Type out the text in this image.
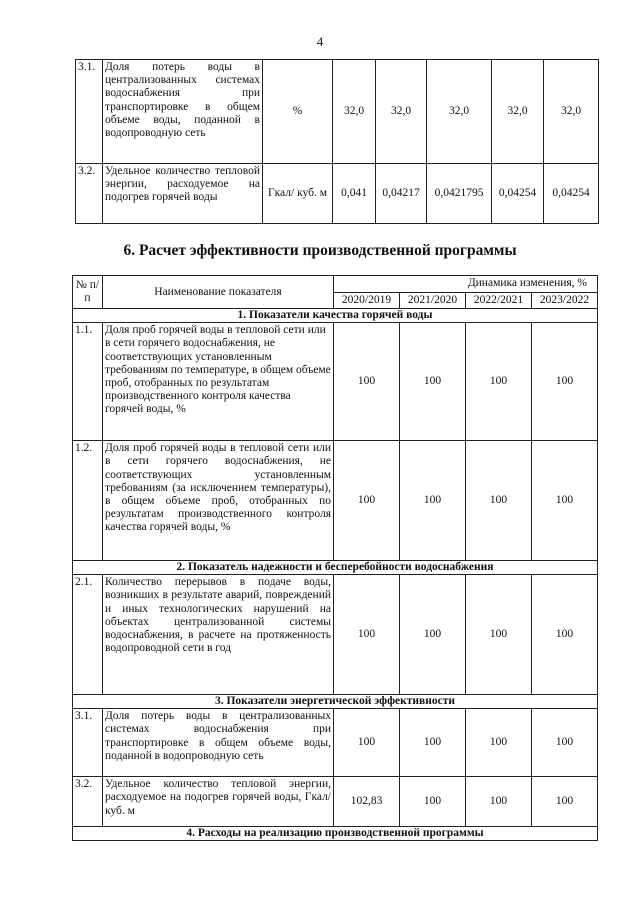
4
3.1.	Доля потерь воды в централизованных системах водоснабжения при транспортировке в общем объеме воды, поданной в водопроводную сеть	%	32,0	32,0	32,0	32,0	32,0
3.2.	Удельное количество тепловой энергии, расходуемое на подогрев горячей воды	Гкал/ куб. м	0,041	0,04217	0,0421795	0,04254	0,04254
6. Расчет эффективности производственной программы
№ п/п	Наименование показателя	Динамика изменения, %			
		2020/2019	2021/2020	2022/2021	2023/2022
1. Показатели качества горячей воды					
1.1.	Доля проб горячей воды в тепловой сети или в сети горячего водоснабжения, не соответствующих установленным требованиям по температуре, в общем объеме проб, отобранных по результатам производственного контроля качества горячей воды, %	100	100	100	100
1.2.	Доля проб горячей воды в тепловой сети или в сети горячего водоснабжения, не соответствующих установленным требованиям (за исключением температуры), в общем объеме проб, отобранных по результатам производственного контроля качества горячей воды, %	100	100	100	100
2. Показатель надежности и бесперебойности водоснабжения					
2.1.	Количество перерывов в подаче воды, возникших в результате аварий, повреждений и иных технологических нарушений на объектах централизованной системы водоснабжения, в расчете на протяженность водопроводной сети в год	100	100	100	100
3. Показатели энергетической эффективности					
3.1.	Доля потерь воды в централизованных системах водоснабжения при транспортировке в общем объеме воды, поданной в водопроводную сеть	100	100	100	100
3.2.	Удельное количество тепловой энергии, расходуемое на подогрев горячей воды, Гкал/куб. м	102,83	100	100	100
4. Расходы на реализацию производственной программы					
